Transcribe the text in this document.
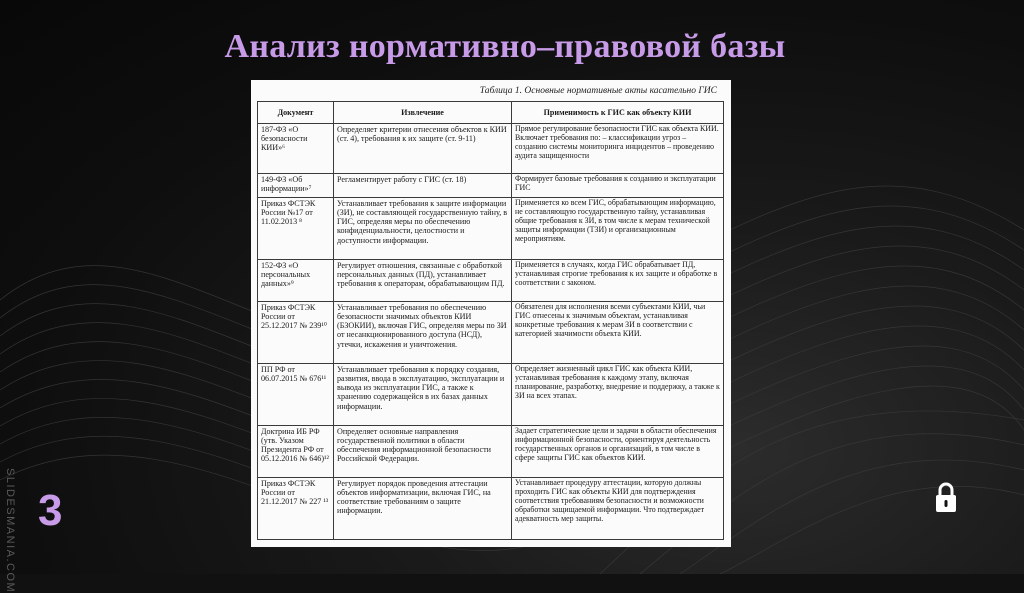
Анализ нормативно–правовой базы
Таблица 1. Основные нормативные акты касательно ГИС
Документ	Извлечение	Применимость к ГИС как объекту КИИ
187-ФЗ «О безопасности КИИ»⁶	Определяет критерии отнесения объектов к КИИ (ст. 4), требования к их защите (ст. 9-11)	Прямое регулирование безопасности ГИС как объекта КИИ. Включает требования по: – классификации угроз – созданию системы мониторинга инцидентов – проведению аудита защищенности
149-ФЗ «Об информации»⁷	Регламентирует работу с ГИС (ст. 18)	Формирует базовые требования к созданию и эксплуатации ГИС
Приказ ФСТЭК России №17 от 11.02.2013 ⁸	Устанавливает требования к защите информации (ЗИ), не составляющей государственную тайну, в ГИС, определяя меры по обеспечению конфиденциальности, целостности и доступности информации.	Применяется ко всем ГИС, обрабатывающим информацию, не составляющую государственную тайну, устанавливая общие требования к ЗИ, в том числе к мерам технической защиты информации (ТЗИ) и организационным мероприятиям.
152-ФЗ «О персональных данных»⁹	Регулирует отношения, связанные с обработкой персональных данных (ПД), устанавливает требования к операторам, обрабатывающим ПД.	Применяется в случаях, когда ГИС обрабатывает ПД, устанавливая строгие требования к их защите и обработке в соответствии с законом.
Приказ ФСТЭК России от 25.12.2017 № 239¹⁰	Устанавливает требования по обеспечению безопасности значимых объектов КИИ (БЗОКИИ), включая ГИС, определяя меры по ЗИ от несанкционированного доступа (НСД), утечки, искажения и уничтожения.	Обязателен для исполнения всеми субъектами КИИ, чьи ГИС отнесены к значимым объектам, устанавливая конкретные требования к мерам ЗИ в соответствии с категорией значимости объекта КИИ.
ПП РФ от 06.07.2015 № 676¹¹	Устанавливает требования к порядку создания, развития, ввода в эксплуатацию, эксплуатации и вывода из эксплуатации ГИС, а также к хранению содержащейся в их базах данных информации.	Определяет жизненный цикл ГИС как объекта КИИ, устанавливая требования к каждому этапу, включая планирование, разработку, внедрение и поддержку, а также к ЗИ на всех этапах.
Доктрина ИБ РФ (утв. Указом Президента РФ от 05.12.2016 № 646)¹²	Определяет основные направления государственной политики в области обеспечения информационной безопасности Российской Федерации.	Задает стратегические цели и задачи в области обеспечения информационной безопасности, ориентируя деятельность государственных органов и организаций, в том числе в сфере защиты ГИС как объектов КИИ.
Приказ ФСТЭК России от 21.12.2017 № 227 ¹³	Регулирует порядок проведения аттестации объектов информатизации, включая ГИС, на соответствие требованиям о защите информации.	Устанавливает процедуру аттестации, которую должны проходить ГИС как объекты КИИ для подтверждения соответствия требованиям безопасности и возможности обработки защищаемой информации. Что подтверждает адекватность мер защиты.
SLIDESMANIA.COM 3
